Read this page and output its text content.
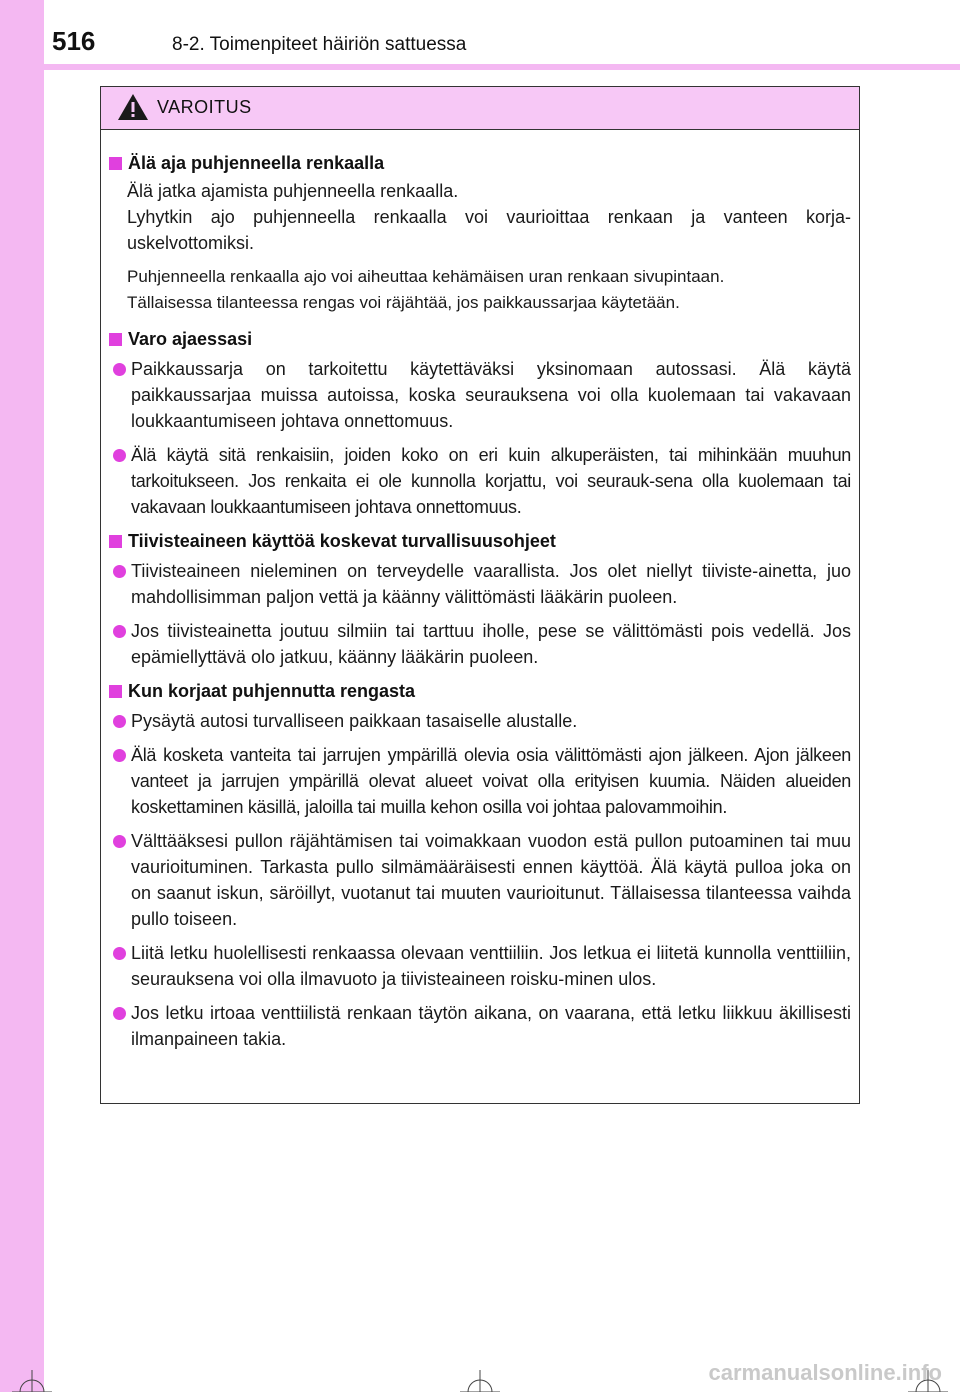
516	8-2. Toimenpiteet häiriön sattuessa
VAROITUS
Älä aja puhjenneella renkaalla
Älä jatka ajamista puhjenneella renkaalla.
Lyhytkin ajo puhjenneella renkaalla voi vaurioittaa renkaan ja vanteen korja-
uskelvottomiksi.
Puhjenneella renkaalla ajo voi aiheuttaa kehämäisen uran renkaan sivupintaan.
Tällaisessa tilanteessa rengas voi räjähtää, jos paikkaussarjaa käytetään.
Varo ajaessasi
Paikkaussarja on tarkoitettu käytettäväksi yksinomaan autossasi. Älä käytä paikkaussarjaa muissa autoissa, koska seurauksena voi olla kuolemaan tai vakavaan loukkaantumiseen johtava onnettomuus.
Älä käytä sitä renkaisiin, joiden koko on eri kuin alkuperäisten, tai mihinkään muuhun tarkoitukseen. Jos renkaita ei ole kunnolla korjattu, voi seurauk-sena olla kuolemaan tai vakavaan loukkaantumiseen johtava onnettomuus.
Tiivisteaineen käyttöä koskevat turvallisuusohjeet
Tiivisteaineen nieleminen on terveydelle vaarallista. Jos olet niellyt tiiviste-ainetta, juo mahdollisimman paljon vettä ja käänny välittömästi lääkärin puoleen.
Jos tiivisteainetta joutuu silmiin tai tarttuu iholle, pese se välittömästi pois vedellä. Jos epämiellyttävä olo jatkuu, käänny lääkärin puoleen.
Kun korjaat puhjennutta rengasta
Pysäytä autosi turvalliseen paikkaan tasaiselle alustalle.
Älä kosketa vanteita tai jarrujen ympärillä olevia osia välittömästi ajon jälkeen. Ajon jälkeen vanteet ja jarrujen ympärillä olevat alueet voivat olla erityisen kuumia. Näiden alueiden koskettaminen käsillä, jaloilla tai muilla kehon osilla voi johtaa palovammoihin.
Välttääksesi pullon räjähtämisen tai voimakkaan vuodon estä pullon putoaminen tai muu vaurioituminen. Tarkasta pullo silmämääräisesti ennen käyttöä. Älä käytä pulloa joka on on saanut iskun, säröillyt, vuotanut tai muuten vaurioitunut. Tällaisessa tilanteessa vaihda pullo toiseen.
Liitä letku huolellisesti renkaassa olevaan venttiiliin. Jos letkua ei liitetä kunnolla venttiiliin, seurauksena voi olla ilmavuoto ja tiivisteaineen roisku-minen ulos.
Jos letku irtoaa venttiilistä renkaan täytön aikana, on vaarana, että letku liikkuu äkillisesti ilmanpaineen takia.
carmanualsonline.info
